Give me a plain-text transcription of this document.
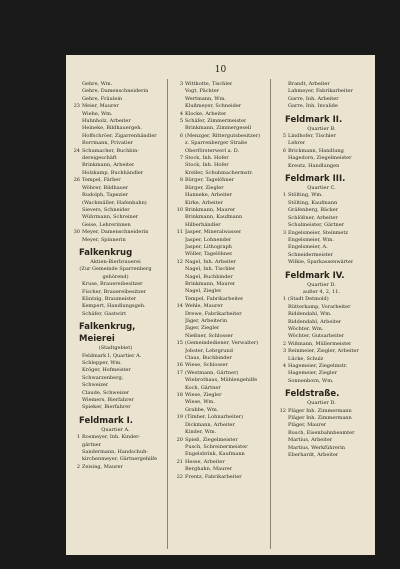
10
Gehre, Wm.
Gehre, Damenschneiderin
Gehre, Fräulein
23 Meier, Maurer
Wiehe, Wm.
Huhnholz, Arbeiter
Heineke, Bildhauergeh.
Hoffschröer, Zigarrenhändler
Borrmann, Privatier
24 Schumacher, Buchbin-
dereigeschäft
Brinkmann, Arbeiter
Holzkamp, Buchhändler
26 Tempel, Färber
Wöhrer, Bildhauer
Rudolph, Tapezier
(Wachmüller, Hafenbahn)
Sievers, Schneider
Wührmann, Schreiner
Geise, Lehrerinnen
30 Meyer, Damenschneiderin
Meyer, Spinnerin
Falkenkrug
Aktien-Bierbrauerei
(Zur Gemeinde Sparrenberg gehörend)
Kruse, Brauereibesitzer
Fischer, Brauereibesitzer
Küntzig, Braumeister
Kempert, Handlungsgeh.
Schäfer, Gastwirt
Falkenkrug, Meierei
(Stadtgebiet)
Feldmark I, Quartier A.
Schlepper, Wm.
Kröger, Hofmeister
Schwarzenberg,
Schweizer
Claude, Schweizer
Wiemers, Bierfahrer
Spieker, Bierfahrer
Feldmark I.
Quartier A.
1 Rosmeyer, Inh. Kinder-
gärtner
Sandermann, Handschuh-
kirchenmeyer, Gärtnergehilfe
2 Zeising, Maurer
3 Wittkotte, Tischler
Vogt, Pächter
Wertmann, Wm.
Klußmeyer, Schneider
4 Klocke, Arbeiter
5 Schäfer, Zimmermeister
Brinkmann, Zimmergesell
6 (Menzger, Rittergutsbesitzer)
z. Sparrenberger Straße
Oberförsterwerl a. D.
7 Stock, Inh. Hofer
Stock, Inh. Hofer
Kreller, Schuhmachermstr.
8 Bürger, Tagelöhner
Bürger, Ziegler
Hanneke, Arbeiter
Kirke, Arbeiter
10 Brinkmann, Maurer
Brinkmann, Kaufmann
Hilberhändler
11 Jasper, Mineralwasser
Jasper, Lohnender
Jasper, Lithograph
Wöller, Tagelöhner
12 Nagel, Inh. Arbeiter
Nagel, Inh. Tischler
Nagel, Buchbinder
Brinkmann, Maurer
Nagel, Ziegler
Tempel, Fabrikarbeiter
14 Wehle, Maurer
Drewe, Fabrikarbeiter
Jäger, Arbeiterin
Jäger, Ziegler
Nießner, Schlosser
15 (Gemeindediener, Verwalter)
Jobster, Lehrgrund
Claus, Buchbinder
16 Wiese, Schlosser
17 (Westmann, Gärtner)
Wiebrothaus, Mühlengehilfe
Koch, Gärtner
18 Wiese, Ziegler
Wiese, Wm.
Grabbe, Wm.
19 (Timber, Lohnarbeiter)
Dickmann, Arbeiter
Kinder, Wm.
20 Spieß, Ziegelmeister
Pusch, Schreinermeister
Engelsbrink, Kaufmann
21 Hesse, Arbeiter
Berghahn, Maurer
22 Frentz, Fabrikarbeiter
Brandt, Arbeiter
Lahmeyer, Fabrikarbeiter
Garre, Inh. Arbeiter
Garre, Inh. Invalide
Feldmark II.
Quartier B.
5 Lindhofer, Tischler
Lehrer
6 Brickmann, Handlung
Hagedorn, Ziegelmeister
Kreutz, Handlungen
Feldmark III.
Quartier C.
1 Stölting, Wm.
Stölting, Kaufmann
Gräfenberg, Bäcker
Schlößner, Arbeiter
Schulmeister, Gärtner
3 Engelsmeier, Steinmetz
Engelsmeier, Wm.
Engelsmeier, A.
Schneidermeister
Wilkie, Sparkassenwärter
Feldmark IV.
Quartier D.
außer 4, 2, 11.
1 (Stadt Detmold)
Rütterkamp, Vorarbeiter
Riddendahl, Wm.
Riddendahl, Arbeiter
Wöchter, Wm.
Wöchter, Gutsarbeiter
2 Wißmann, Müllermeister
3 Reinmeier, Ziegler, Arbeiter
Lücke, Schulz
4 Hagemeier, Ziegelmstr.
Hagemeier, Ziegler
Sonnenborn, Wm.
Feldstraße.
Quartier D.
12 Pläger Inh. Zimmermann
Pläger Inh. Zimmermann
Pläger, Maurer
Busch, Eisenbahnbeamter
Martius, Arbeiter
Martius, Werkführerin
Eberhardt, Arbeiter
